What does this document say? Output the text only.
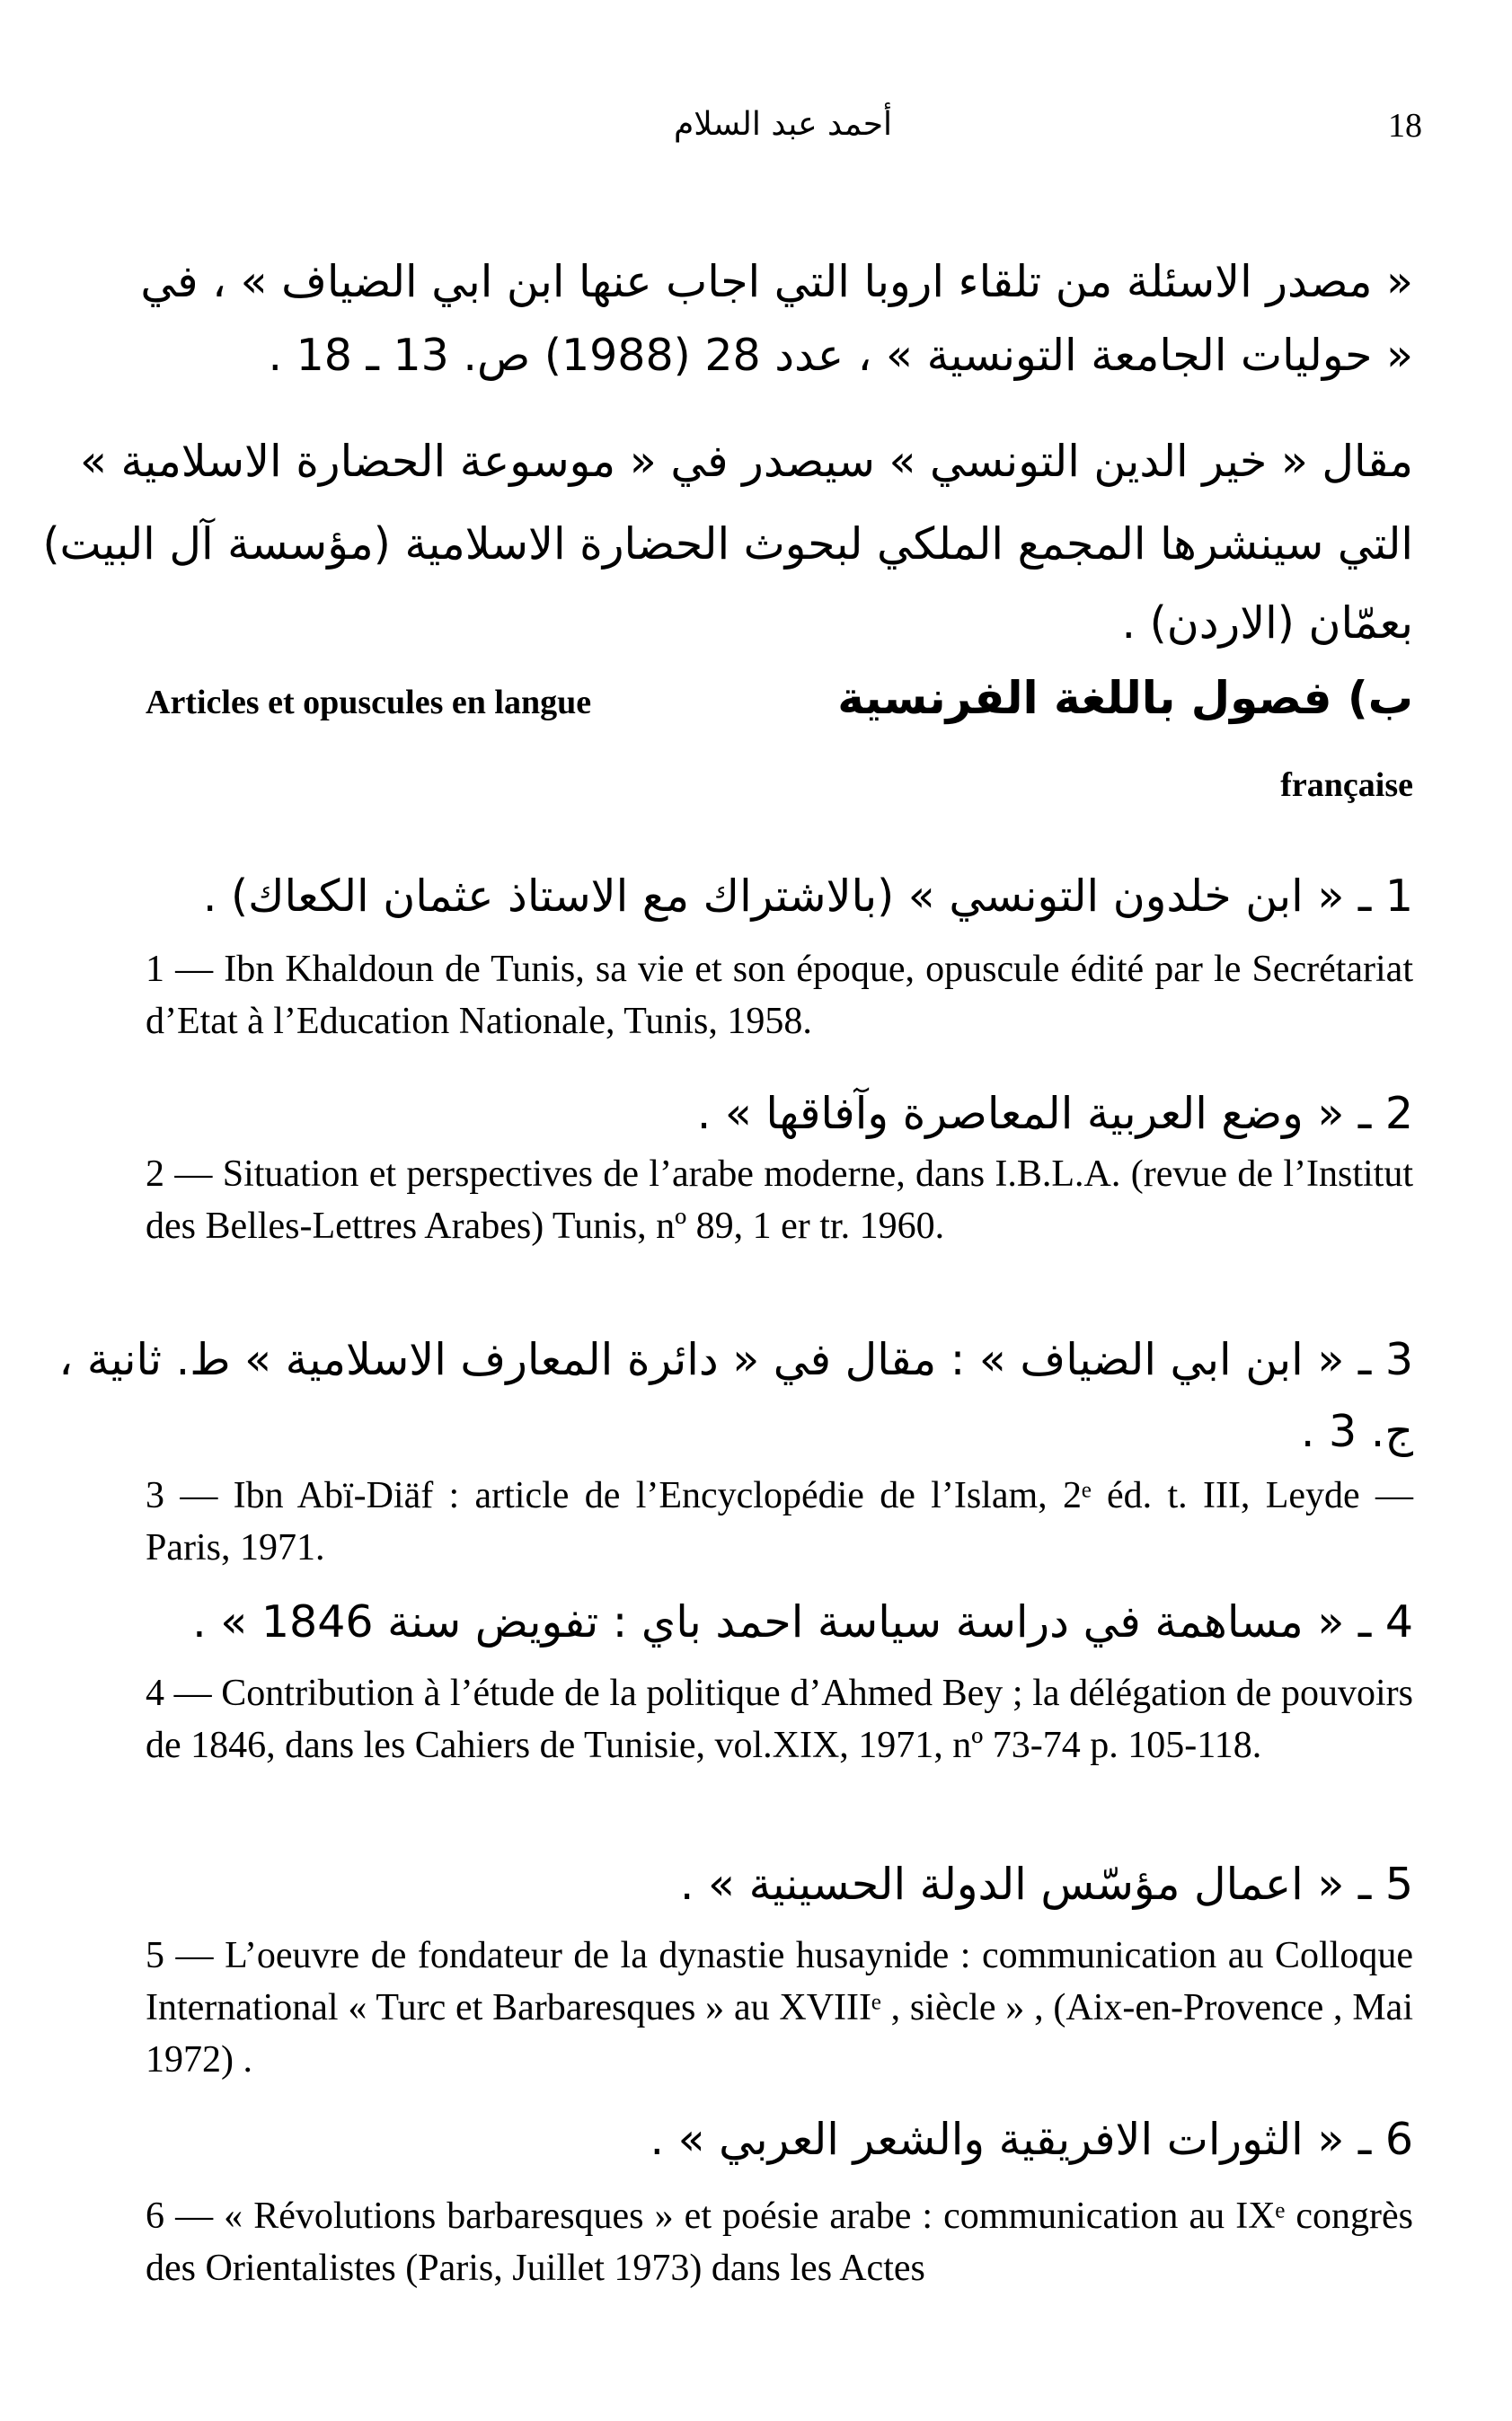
أحمد عبد السلام	18
« مصدر الاسئلة من تلقاء اروبا التي اجاب عنها ابن ابي الضياف » ، في
« حوليات الجامعة التونسية » ، عدد 28 (1988) ص. 13 ـ 18 .
مقال « خير الدين التونسي » سيصدر في « موسوعة الحضارة الاسلامية »
التي سينشرها المجمع الملكي لبحوث الحضارة الاسلامية (مؤسسة آل البيت)
بعمّان (الاردن) .
Articles et opuscules en langue	ب) فصول باللغة الفرنسية
française
1 ـ « ابن خلدون التونسي » (بالاشتراك مع الاستاذ عثمان الكعاك) .
1 — Ibn Khaldoun de Tunis, sa vie et son époque, opuscule édité par le Secrétariat d’Etat à l’Education Nationale, Tunis, 1958.
2 ـ « وضع العربية المعاصرة وآفاقها » .
2 — Situation et perspectives de l’arabe moderne, dans I.B.L.A. (revue de l’Institut des Belles-Lettres Arabes) Tunis, nº 89, 1 er tr. 1960.
3 ـ « ابن ابي الضياف » : مقال في « دائرة المعارف الاسلامية » ط. ثانية ،
ج. 3 .
3 — Ibn Abï-Diäf : article de l’Encyclopédie de l’Islam, 2ᵉ éd. t. III, Leyde — Paris, 1971.
4 ـ « مساهمة في دراسة سياسة احمد باي : تفويض سنة 1846 » .
4 — Contribution à l’étude de la politique d’Ahmed Bey ; la délégation de pouvoirs de 1846, dans les Cahiers de Tunisie, vol.XIX, 1971, nº 73-74 p. 105-118.
5 ـ « اعمال مؤسّس الدولة الحسينية » .
5 — L’oeuvre de fondateur de la dynastie husaynide : communication au Colloque International « Turc et Barbaresques » au XVIIIᵉ , siècle » , (Aix-en-Provence , Mai 1972) .
6 ـ « الثورات الافريقية والشعر العربي » .
6 — « Révolutions barbaresques » et poésie arabe : communication au IXᵉ congrès des Orientalistes (Paris, Juillet 1973) dans les Actes
